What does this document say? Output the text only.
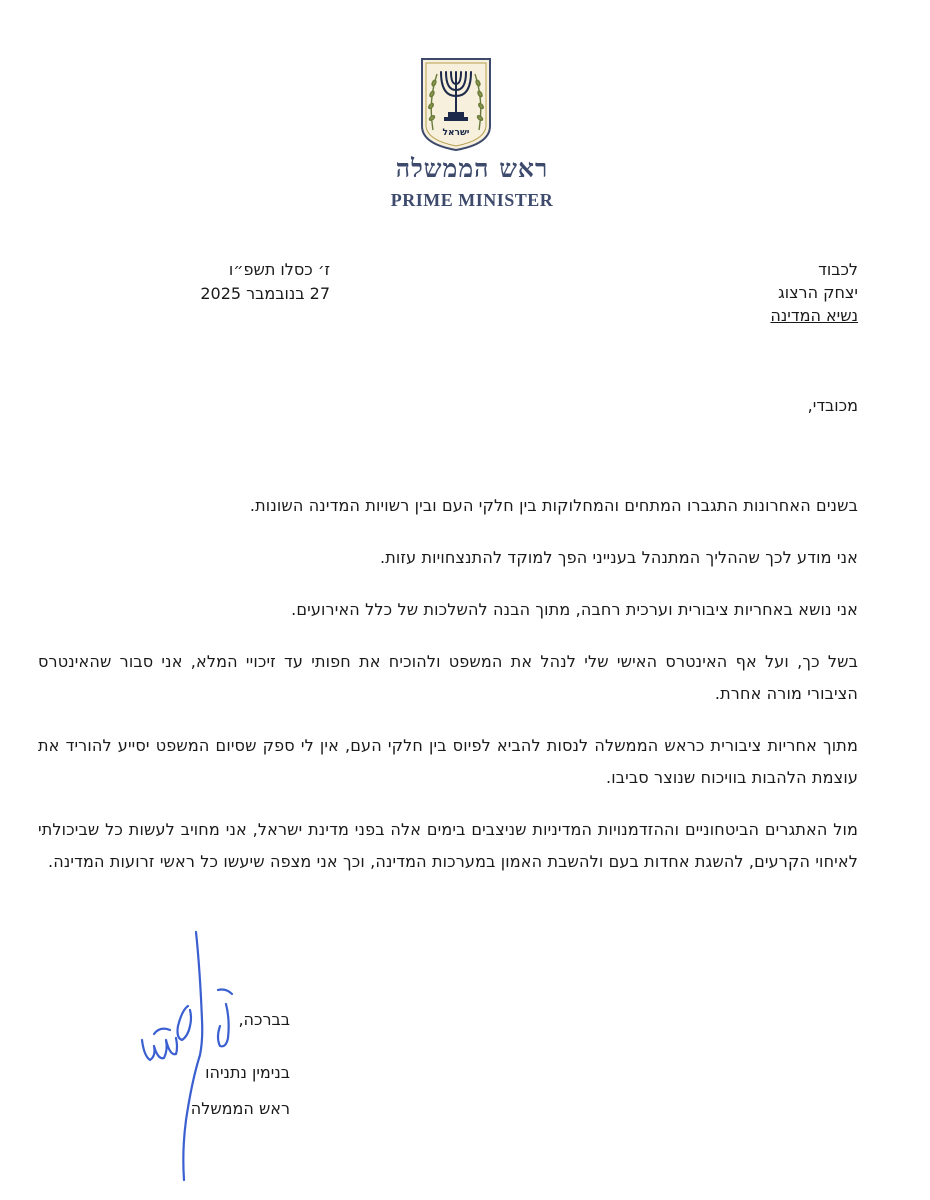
ישראל
ראש הממשלה
PRIME MINISTER
ז׳ כסלו תשפ״ו
27 בנובמבר 2025
לכבוד
יצחק הרצוג
נשיא המדינה
מכובדי,

בשנים האחרונות התגברו המתחים והמחלוקות בין חלקי העם ובין רשויות המדינה השונות.

אני מודע לכך שההליך המתנהל בענייני הפך למוקד להתנצחויות עזות.

אני נושא באחריות ציבורית וערכית רחבה, מתוך הבנה להשלכות של כלל האירועים.

בשל כך, ועל אף האינטרס האישי שלי לנהל את המשפט ולהוכיח את חפותי עד זיכויי המלא, אני סבור שהאינטרס הציבורי מורה אחרת.

מתוך אחריות ציבורית כראש הממשלה לנסות להביא לפיוס בין חלקי העם, אין לי ספק שסיום המשפט יסייע להוריד את עוצמת הלהבות בוויכוח שנוצר סביבו.

מול האתגרים הביטחוניים וההזדמנויות המדיניות שניצבים בימים אלה בפני מדינת ישראל, אני מחויב לעשות כל שביכולתי לאיחוי הקרעים, להשגת אחדות בעם ולהשבת האמון במערכות המדינה, וכך אני מצפה שיעשו כל ראשי זרועות המדינה.

בברכה,
בנימין נתניהו
ראש הממשלה
